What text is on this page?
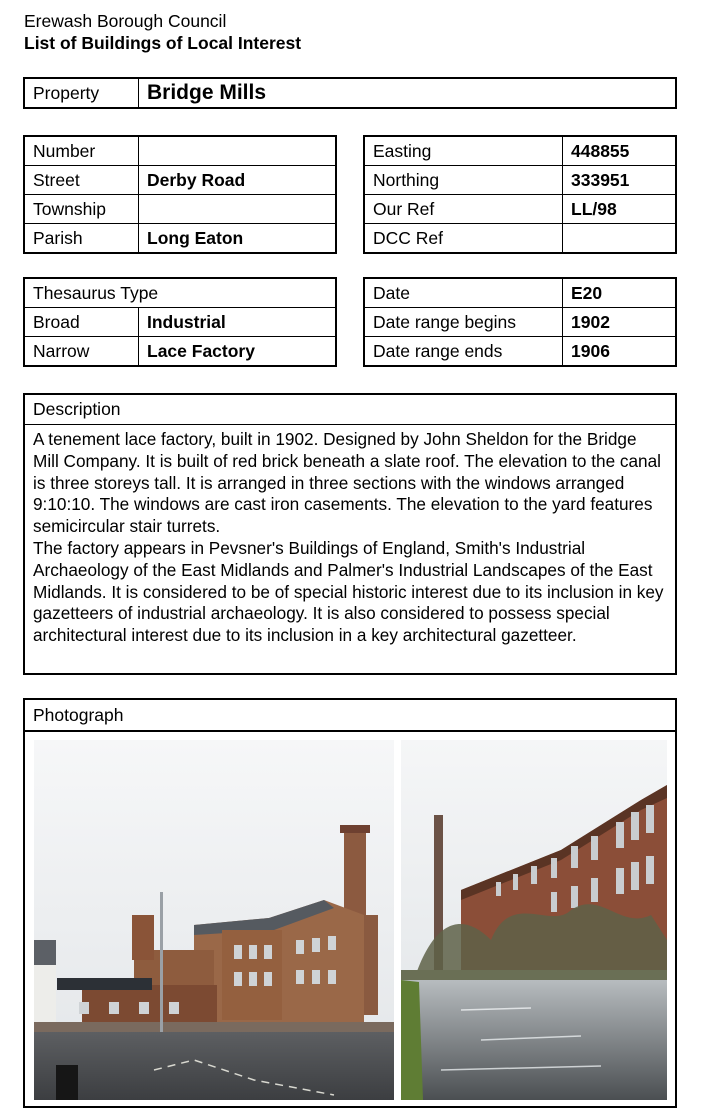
Erewash Borough Council
List of Buildings of Local Interest
Property	Bridge Mills
Number	
Street	Derby Road
Township	
Parish	Long Eaton
Easting	448855
Northing	333951
Our Ref	LL/98
DCC Ref	
Thesaurus Type	
Broad	Industrial
Narrow	Lace Factory
Date	E20
Date range begins	1902
Date range ends	1906
Description
A tenement lace factory, built in 1902. Designed by John Sheldon for the Bridge Mill Company. It is built of red brick beneath a slate roof. The elevation to the canal is three storeys tall. It is arranged in three sections with the windows arranged 9:10:10. The windows are cast iron casements. The elevation to the yard features semicircular stair turrets.
The factory appears in Pevsner's Buildings of England, Smith's Industrial Archaeology of the East Midlands and Palmer's Industrial Landscapes of the East Midlands. It is considered to be of special historic interest due to its inclusion in key gazetteers of industrial archaeology. It is also considered to possess special architectural interest due to its inclusion in a key architectural gazetteer.
Photograph
